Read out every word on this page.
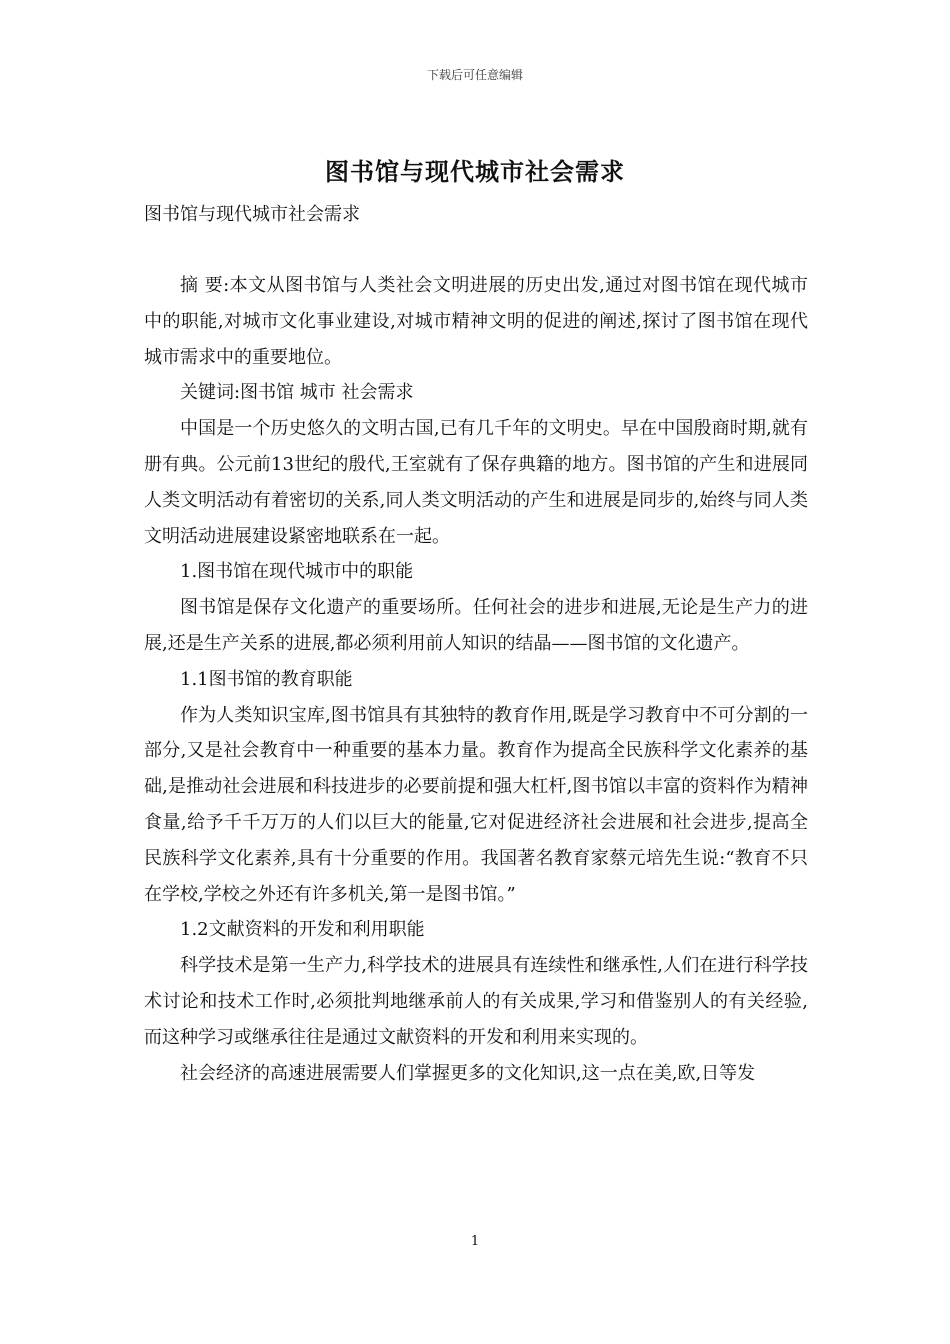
下载后可任意编辑
图书馆与现代城市社会需求
图书馆与现代城市社会需求

摘 要:本文从图书馆与人类社会文明进展的历史出发,通过对图书馆在现代城市中的职能,对城市文化事业建设,对城市精神文明的促进的阐述,探讨了图书馆在现代城市需求中的重要地位。

关键词:图书馆 城市 社会需求

中国是一个历史悠久的文明古国,已有几千年的文明史。早在中国殷商时期,就有册有典。公元前13世纪的殷代,王室就有了保存典籍的地方。图书馆的产生和进展同人类文明活动有着密切的关系,同人类文明活动的产生和进展是同步的,始终与同人类文明活动进展建设紧密地联系在一起。

1.图书馆在现代城市中的职能

图书馆是保存文化遗产的重要场所。任何社会的进步和进展,无论是生产力的进展,还是生产关系的进展,都必须利用前人知识的结晶——图书馆的文化遗产。

1.1图书馆的教育职能

作为人类知识宝库,图书馆具有其独特的教育作用,既是学习教育中不可分割的一部分,又是社会教育中一种重要的基本力量。教育作为提高全民族科学文化素养的基础,是推动社会进展和科技进步的必要前提和强大杠杆,图书馆以丰富的资料作为精神食量,给予千千万万的人们以巨大的能量,它对促进经济社会进展和社会进步,提高全民族科学文化素养,具有十分重要的作用。我国著名教育家蔡元培先生说:“教育不只在学校,学校之外还有许多机关,第一是图书馆。”

1.2文献资料的开发和利用职能

科学技术是第一生产力,科学技术的进展具有连续性和继承性,人们在进行科学技术讨论和技术工作时,必须批判地继承前人的有关成果,学习和借鉴别人的有关经验,而这种学习或继承往往是通过文献资料的开发和利用来实现的。

社会经济的高速进展需要人们掌握更多的文化知识,这一点在美,欧,日等发

1
